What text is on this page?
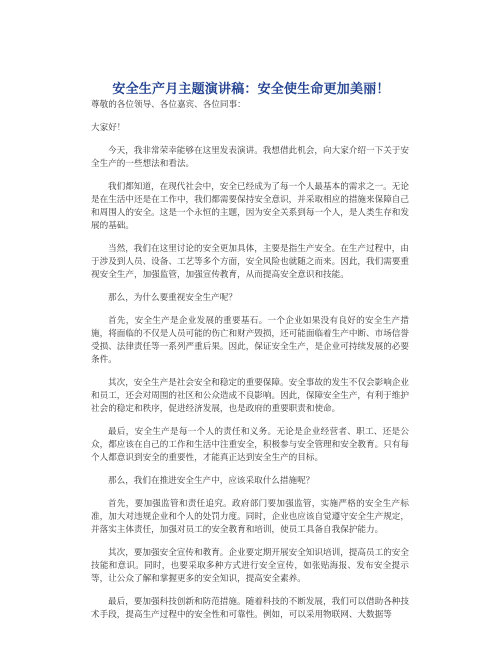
安全生产月主题演讲稿：安全使生命更加美丽！

尊敬的各位领导、各位嘉宾、各位同事：

大家好！

今天，我非常荣幸能够在这里发表演讲。我想借此机会，向大家介绍一下关于安全生产的一些想法和看法。

我们都知道，在现代社会中，安全已经成为了每一个人最基本的需求之一。无论是在生活中还是在工作中，我们都需要保持安全意识，并采取相应的措施来保障自己和周围人的安全。这是一个永恒的主题，因为安全关系到每一个人，是人类生存和发展的基础。

当然，我们在这里讨论的安全更加具体，主要是指生产安全。在生产过程中，由于涉及到人员、设备、工艺等多个方面，安全风险也就随之而来。因此，我们需要重视安全生产，加强监管，加强宣传教育，从而提高安全意识和技能。

那么，为什么要重视安全生产呢？

首先，安全生产是企业发展的重要基石。一个企业如果没有良好的安全生产措施，将面临的不仅是人员可能的伤亡和财产毁损，还可能面临着生产中断、市场信誉受损、法律责任等一系列严重后果。因此，保证安全生产，是企业可持续发展的必要条件。

其次，安全生产是社会安全和稳定的重要保障。安全事故的发生不仅会影响企业和员工，还会对周围的社区和公众造成不良影响。因此，保障安全生产，有利于维护社会的稳定和秩序，促进经济发展，也是政府的重要职责和使命。

最后，安全生产是每一个人的责任和义务。无论是企业经营者、职工、还是公众，都应该在自己的工作和生活中注重安全，积极参与安全管理和安全教育。只有每个人都意识到安全的重要性，才能真正达到安全生产的目标。

那么，我们在推进安全生产中，应该采取什么措施呢？

首先，要加强监管和责任追究。政府部门要加强监管，实施严格的安全生产标准，加大对违规企业和个人的处罚力度。同时，企业也应该自觉遵守安全生产规定，并落实主体责任，加强对员工的安全教育和培训，使员工具备自我保护能力。

其次，要加强安全宣传和教育。企业要定期开展安全知识培训，提高员工的安全技能和意识。同时，也要采取多种方式进行安全宣传，如张贴海报、发布安全提示等，让公众了解和掌握更多的安全知识，提高安全素养。

最后，要加强科技创新和防范措施。随着科技的不断发展，我们可以借助各种技术手段，提高生产过程中的安全性和可靠性。例如，可以采用物联网、大数据等
